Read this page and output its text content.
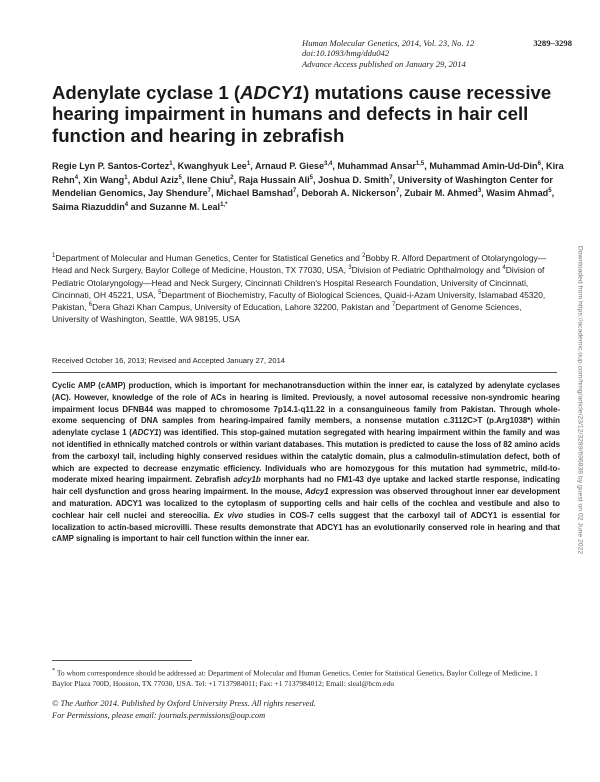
Human Molecular Genetics, 2014, Vol. 23, No. 12	3289–3298
doi:10.1093/hmg/ddu042
Advance Access published on January 29, 2014
Adenylate cyclase 1 (ADCY1) mutations cause recessive hearing impairment in humans and defects in hair cell function and hearing in zebrafish
Regie Lyn P. Santos-Cortez$^1$, Kwanghyuk Lee$^1$, Arnaud P. Giese$^{3,4}$, Muhammad Ansar$^{1,5}$, Muhammad Amin-Ud-Din$^6$, Kira Rehn$^4$, Xin Wang$^1$, Abdul Aziz$^5$, Ilene Chiu$^2$, Raja Hussain Ali$^5$, Joshua D. Smith$^7$, University of Washington Center for Mendelian Genomics, Jay Shendure$^7$, Michael Bamshad$^7$, Deborah A. Nickerson$^7$, Zubair M. Ahmed$^3$, Wasim Ahmad$^5$, Saima Riazuddin$^4$ and Suzanne M. Leal$^{1,*}$
$^1$Department of Molecular and Human Genetics, Center for Statistical Genetics and $^2$Bobby R. Alford Department of Otolaryngology—Head and Neck Surgery, Baylor College of Medicine, Houston, TX 77030, USA, $^3$Division of Pediatric Ophthalmology and $^4$Division of Pediatric Otolaryngology—Head and Neck Surgery, Cincinnati Children's Hospital Research Foundation, University of Cincinnati, Cincinnati, OH 45221, USA, $^5$Department of Biochemistry, Faculty of Biological Sciences, Quaid-i-Azam University, Islamabad 45320, Pakistan, $^6$Dera Ghazi Khan Campus, University of Education, Lahore 32200, Pakistan and $^7$Department of Genome Sciences, University of Washington, Seattle, WA 98195, USA
Received October 16, 2013; Revised and Accepted January 27, 2014
Cyclic AMP (cAMP) production, which is important for mechanotransduction within the inner ear, is catalyzed by adenylate cyclases (AC). However, knowledge of the role of ACs in hearing is limited. Previously, a novel autosomal recessive non-syndromic hearing impairment locus DFNB44 was mapped to chromosome 7p14.1-q11.22 in a consanguineous family from Pakistan. Through whole-exome sequencing of DNA samples from hearing-impaired family members, a nonsense mutation c.3112C>T (p.Arg1038*) within adenylate cyclase 1 (ADCY1) was identified. This stop-gained mutation segregated with hearing impairment within the family and was not identified in ethnically matched controls or within variant databases. This mutation is predicted to cause the loss of 82 amino acids from the carboxyl tail, including highly conserved residues within the catalytic domain, plus a calmodulin-stimulation defect, both of which are expected to decrease enzymatic efficiency. Individuals who are homozygous for this mutation had symmetric, mild-to-moderate mixed hearing impairment. Zebrafish adcy1b morphants had no FM1-43 dye uptake and lacked startle response, indicating hair cell dysfunction and gross hearing impairment. In the mouse, Adcy1 expression was observed throughout inner ear development and maturation. ADCY1 was localized to the cytoplasm of supporting cells and hair cells of the cochlea and vestibule and also to cochlear hair cell nuclei and stereocilia. Ex vivo studies in COS-7 cells suggest that the carboxyl tail of ADCY1 is essential for localization to actin-based microvilli. These results demonstrate that ADCY1 has an evolutionarily conserved role in hearing and that cAMP signaling is important to hair cell function within the inner ear.	Downloaded from https://academic.oup.com/hmg/article/23/12/3289/696838 by guest on 02 June 2022
* To whom correspondence should be addressed at: Department of Molecular and Human Genetics, Center for Statistical Genetics, Baylor College of Medicine, 1 Baylor Plaza 700D, Houston, TX 77030, USA. Tel: +1 7137984011; Fax: +1 7137984012; Email: sleal@bcm.edu
© The Author 2014. Published by Oxford University Press. All rights reserved.
For Permissions, please email: journals.permissions@oup.com
